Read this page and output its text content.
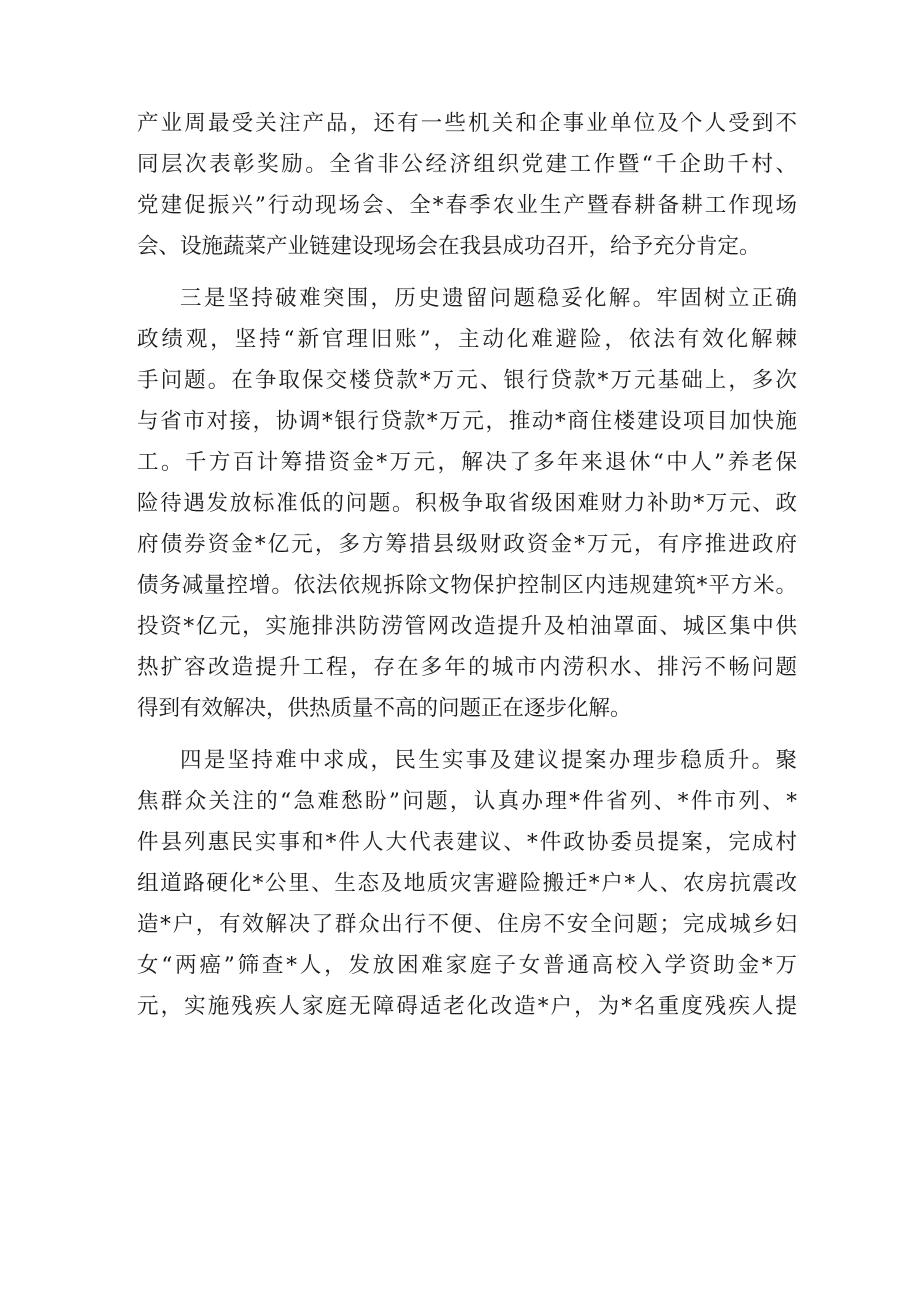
产业周最受关注产品，还有一些机关和企事业单位及个人受到不
同层次表彰奖励。全省非公经济组织党建工作暨“千企助千村、
党建促振兴”行动现场会、全*春季农业生产暨春耕备耕工作现场
会、设施蔬菜产业链建设现场会在我县成功召开，给予充分肯定。

三是坚持破难突围，历史遗留问题稳妥化解。牢固树立正确
政绩观，坚持“新官理旧账”，主动化难避险，依法有效化解棘
手问题。在争取保交楼贷款*万元、银行贷款*万元基础上，多次
与省市对接，协调*银行贷款*万元，推动*商住楼建设项目加快施
工。千方百计筹措资金*万元，解决了多年来退休“中人”养老保
险待遇发放标准低的问题。积极争取省级困难财力补助*万元、政
府债券资金*亿元，多方筹措县级财政资金*万元，有序推进政府
债务减量控增。依法依规拆除文物保护控制区内违规建筑*平方米。
投资*亿元，实施排洪防涝管网改造提升及柏油罩面、城区集中供
热扩容改造提升工程，存在多年的城市内涝积水、排污不畅问题
得到有效解决，供热质量不高的问题正在逐步化解。

四是坚持难中求成，民生实事及建议提案办理步稳质升。聚
焦群众关注的“急难愁盼”问题，认真办理*件省列、*件市列、*
件县列惠民实事和*件人大代表建议、*件政协委员提案，完成村
组道路硬化*公里、生态及地质灾害避险搬迁*户*人、农房抗震改
造*户，有效解决了群众出行不便、住房不安全问题；完成城乡妇
女“两癌”筛查*人，发放困难家庭子女普通高校入学资助金*万
元，实施残疾人家庭无障碍适老化改造*户，为*名重度残疾人提
